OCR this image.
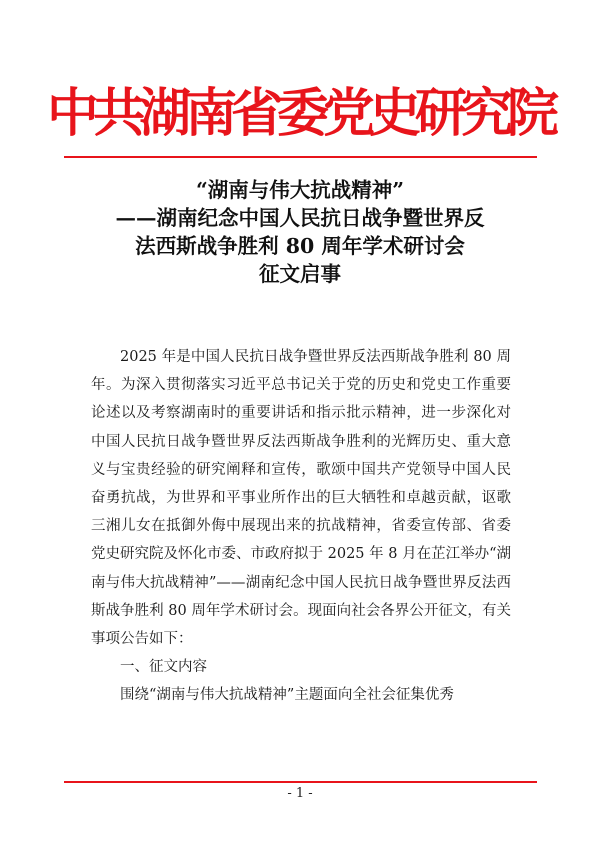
中共湖南省委党史研究院
“湖南与伟大抗战精神”
——湖南纪念中国人民抗日战争暨世界反
法西斯战争胜利 80 周年学术研讨会
征文启事

2025 年是中国人民抗日战争暨世界反法西斯战争胜利 80 周年。为深入贯彻落实习近平总书记关于党的历史和党史工作重要论述以及考察湖南时的重要讲话和指示批示精神，进一步深化对中国人民抗日战争暨世界反法西斯战争胜利的光辉历史、重大意义与宝贵经验的研究阐释和宣传，歌颂中国共产党领导中国人民奋勇抗战，为世界和平事业所作出的巨大牺牲和卓越贡献，讴歌三湘儿女在抵御外侮中展现出来的抗战精神，省委宣传部、省委党史研究院及怀化市委、市政府拟于 2025 年 8 月在芷江举办“湖南与伟大抗战精神”——湖南纪念中国人民抗日战争暨世界反法西斯战争胜利 80 周年学术研讨会。现面向社会各界公开征文，有关事项公告如下：

一、征文内容

围绕“湖南与伟大抗战精神”主题面向全社会征集优秀

- 1 -
